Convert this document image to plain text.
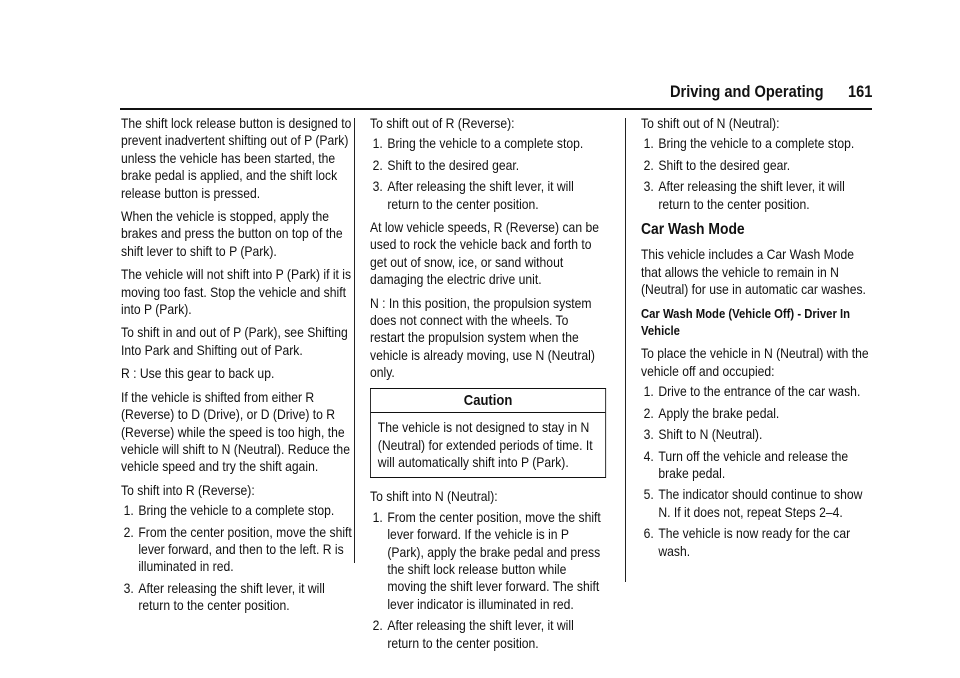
Driving and Operating 161

The shift lock release button is designed to prevent inadvertent shifting out of P (Park) unless the vehicle has been started, the brake pedal is applied, and the shift lock release button is pressed.

When the vehicle is stopped, apply the brakes and press the button on top of the shift lever to shift to P (Park).

The vehicle will not shift into P (Park) if it is moving too fast. Stop the vehicle and shift into P (Park).

To shift in and out of P (Park), see Shifting Into Park and Shifting out of Park.

R : Use this gear to back up.

If the vehicle is shifted from either R (Reverse) to D (Drive), or D (Drive) to R (Reverse) while the speed is too high, the vehicle will shift to N (Neutral). Reduce the vehicle speed and try the shift again.

To shift into R (Reverse):

1. Bring the vehicle to a complete stop.
2. From the center position, move the shift lever forward, and then to the left. R is illuminated in red.
3. After releasing the shift lever, it will return to the center position.

To shift out of R (Reverse):

1. Bring the vehicle to a complete stop.
2. Shift to the desired gear.
3. After releasing the shift lever, it will return to the center position.

At low vehicle speeds, R (Reverse) can be used to rock the vehicle back and forth to get out of snow, ice, or sand without damaging the electric drive unit.

N : In this position, the propulsion system does not connect with the wheels. To restart the propulsion system when the vehicle is already moving, use N (Neutral) only.

Caution
The vehicle is not designed to stay in N (Neutral) for extended periods of time. It will automatically shift into P (Park).

To shift into N (Neutral):

1. From the center position, move the shift lever forward. If the vehicle is in P (Park), apply the brake pedal and press the shift lock release button while moving the shift lever forward. The shift lever indicator is illuminated in red.
2. After releasing the shift lever, it will return to the center position.

To shift out of N (Neutral):

1. Bring the vehicle to a complete stop.
2. Shift to the desired gear.
3. After releasing the shift lever, it will return to the center position.
Car Wash Mode

This vehicle includes a Car Wash Mode that allows the vehicle to remain in N (Neutral) for use in automatic car washes.

Car Wash Mode (Vehicle Off) - Driver In Vehicle

To place the vehicle in N (Neutral) with the vehicle off and occupied:

1. Drive to the entrance of the car wash.
2. Apply the brake pedal.
3. Shift to N (Neutral).
4. Turn off the vehicle and release the brake pedal.
5. The indicator should continue to show N. If it does not, repeat Steps 2–4.
6. The vehicle is now ready for the car wash.
